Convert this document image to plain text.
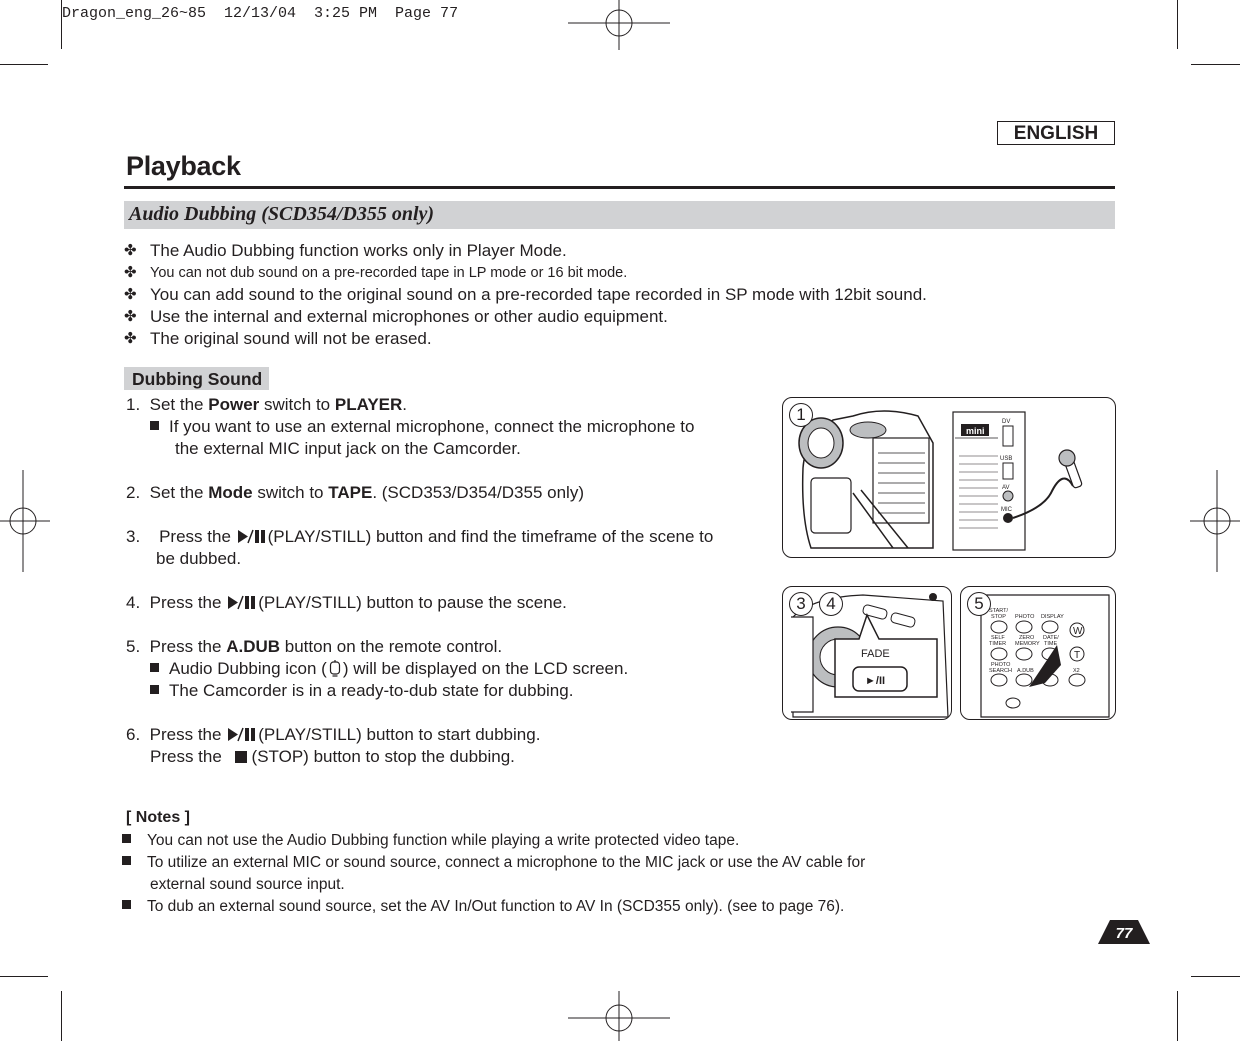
Dragon_eng_26~85  12/13/04  3:25 PM  Page 77
ENGLISH
Playback
Audio Dubbing (SCD354/D355 only)
✤ The Audio Dubbing function works only in Player Mode.
✤ You can not dub sound on a pre-recorded tape in LP mode or 16 bit mode.
✤ You can add sound to the original sound on a pre-recorded tape recorded in SP mode with 12bit sound.
✤ Use the internal and external microphones or other audio equipment.
✤ The original sound will not be erased.
Dubbing Sound
1. Set the Power switch to PLAYER.
If you want to use an external microphone, connect the microphone to
the external MIC input jack on the Camcorder.
2. Set the Mode switch to TAPE. (SCD353/D354/D355 only)
3. Press the (PLAY/STILL) button and find the timeframe of the scene to
be dubbed.
4. Press the (PLAY/STILL) button to pause the scene.
5. Press the A.DUB button on the remote control.
Audio Dubbing icon ( ) will be displayed on the LCD screen.
The Camcorder is in a ready-to-dub state for dubbing.
6. Press the (PLAY/STILL) button to start dubbing.
Press the (STOP) button to stop the dubbing.
[ Notes ]
You can not use the Audio Dubbing function while playing a write protected video tape.
To utilize an external MIC or sound source, connect a microphone to the MIC jack or use the AV cable for
external sound source input.
To dub an external sound source, set the AV In/Out function to AV In (SCD355 only). (see to page 76).
mini
DV
USB
AV
MIC
1
FADE
►/II
3	4	START/
STOP PHOTO DISPLAY
SELF
TIMER
ZERO
MEMORY
DATE/
TIME
PHOTO
SEARCH A.DUB	X2
W
T
5
77
